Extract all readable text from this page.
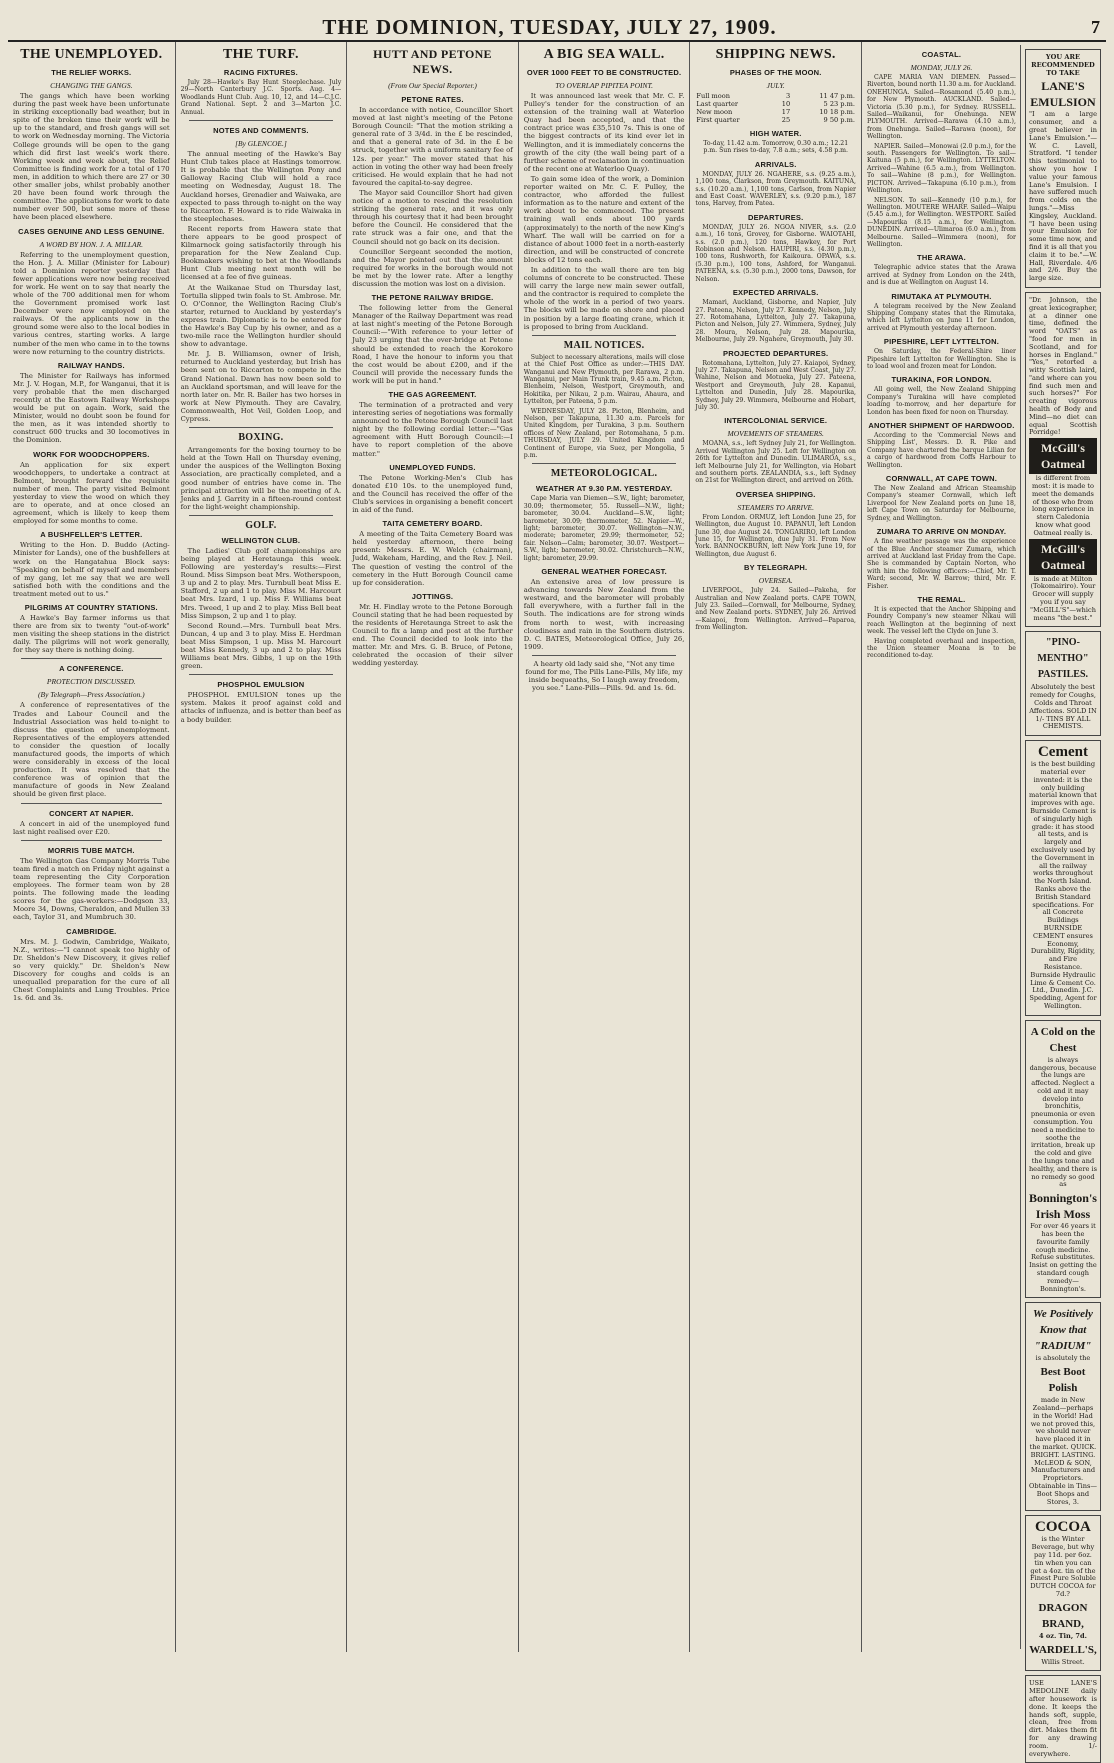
THE DOMINION, TUESDAY, JULY 27, 1909.	7
THE UNEMPLOYED.
THE RELIEF WORKS.
CHANGING THE GANGS.

The gangs which have been working during the past week have been unfortunate in striking exceptionally bad weather, but in spite of the broken time their work will be up to the standard, and fresh gangs will set to work on Wednesday morning. The Victoria College grounds will be open to the gang which did first last week's work there. Working week and week about, the Relief Committee is finding work for a total of 170 men, in addition to which there are 27 or 30 other smaller jobs, whilst probably another 20 have been found work through the committee. The applications for work to date number over 500, but some more of these have been placed elsewhere.

CASES GENUINE AND LESS GENUINE.
A WORD BY HON. J. A. MILLAR.

Referring to the unemployment question, the Hon. J. A. Millar (Minister for Labour) told a Dominion reporter yesterday that fewer applications were now being received for work. He went on to say that nearly the whole of the 700 additional men for whom the Government promised work last December were now employed on the railways. Of the applicants now in the ground some were also to the local bodies in various centres, starting works. A large number of the men who came in to the towns were now returning to the country districts.

RAILWAY HANDS.

The Minister for Railways has informed Mr. J. V. Hogan, M.P., for Wanganui, that it is very probable that the men discharged recently at the Eastown Railway Workshops would be put on again. Work, said the Minister, would no doubt soon be found for the men, as it was intended shortly to construct 600 trucks and 30 locomotives in the Dominion.

WORK FOR WOODCHOPPERS.

An application for six expert woodchoppers, to undertake a contract at Belmont, brought forward the requisite number of men. The party visited Belmont yesterday to view the wood on which they are to operate, and at once closed an agreement, which is likely to keep them employed for some months to come.

A BUSHFELLER'S LETTER.

Writing to the Hon. D. Buddo (Acting-Minister for Lands), one of the bushfellers at work on the Hangatahua Block says: "Speaking on behalf of myself and members of my gang, let me say that we are well satisfied both with the conditions and the treatment meted out to us."

PILGRIMS AT COUNTRY STATIONS.

A Hawke's Bay farmer informs us that there are from six to twenty "out-of-work" men visiting the sheep stations in the district daily. The pilgrims will not work generally, for they say there is nothing doing.

A CONFERENCE.
PROTECTION DISCUSSED.
(By Telegraph—Press Association.)

A conference of representatives of the Trades and Labour Council and the Industrial Association was held to-night to discuss the question of unemployment. Representatives of the employers attended to consider the question of locally manufactured goods, the imports of which were considerably in excess of the local production. It was resolved that the conference was of opinion that the manufacture of goods in New Zealand should be given first place.

CONCERT AT NAPIER.

A concert in aid of the unemployed fund last night realised over £20.

MORRIS TUBE MATCH.

The Wellington Gas Company Morris Tube team fired a match on Friday night against a team representing the City Corporation employees. The former team won by 28 points. The following made the leading scores for the gas-workers:—Dodgson 33, Moore 34, Downs, Cheraldon, and Mullen 33 each, Taylor 31, and Mumbruch 30.

CAMBRIDGE.

Mrs. M. J. Godwin, Cambridge, Waikato, N.Z., writes:—"I cannot speak too highly of Dr. Sheldon's New Discovery, it gives relief so very quickly." Dr. Sheldon's New Discovery for coughs and colds is an unequalled preparation for the cure of all Chest Complaints and Lung Troubles. Price 1s. 6d. and 3s.

THE TURF.
RACING FIXTURES.

July 28—Hawke's Bay Hunt Steeplechase. July 29—North Canterbury J.C. Sports. Aug. 4—Woodlands Hunt Club. Aug. 10, 12, and 14—C.J.C. Grand National. Sept. 2 and 3—Marton J.C. Annual.

NOTES AND COMMENTS.
[By GLENCOE.]

The annual meeting of the Hawke's Bay Hunt Club takes place at Hastings tomorrow. It is probable that the Wellington Pony and Galloway Racing Club will hold a race meeting on Wednesday, August 18. The Auckland horses, Grenadier and Waiwaka, are expected to pass through to-night on the way to Riccarton. F. Howard is to ride Waiwaka in the steeplechases.

Recent reports from Hawera state that there appears to be good prospect of Kilmarnock going satisfactorily through his preparation for the New Zealand Cup. Bookmakers wishing to bet at the Woodlands Hunt Club meeting next month will be licensed at a fee of five guineas.

At the Waikanae Stud on Thursday last, Tortulla slipped twin foals to St. Ambrose. Mr. O. O'Connor, the Wellington Racing Club's starter, returned to Auckland by yesterday's express train. Diplomatic is to be entered for the Hawke's Bay Cup by his owner, and as a two-mile race the Wellington hurdler should show to advantage.

Mr. J. B. Williamson, owner of Irish, returned to Auckland yesterday, but Irish has been sent on to Riccarton to compete in the Grand National. Dawn has now been sold to an Auckland sportsman, and will leave for the north later on. Mr. R. Bailer has two horses in work at New Plymouth. They are Cavalry, Commonwealth, Hot Veil, Golden Loop, and Cypress.

BOXING.

Arrangements for the boxing tourney to be held at the Town Hall on Thursday evening, under the auspices of the Wellington Boxing Association, are practically completed, and a good number of entries have come in. The principal attraction will be the meeting of A. Jenks and J. Garrity in a fifteen-round contest for the light-weight championship.

GOLF.
WELLINGTON CLUB.

The Ladies' Club golf championships are being played at Heretaunga this week. Following are yesterday's results:—First Round. Miss Simpson beat Mrs. Wotherspoon, 3 up and 2 to play. Mrs. Turnbull beat Miss E. Stafford, 2 up and 1 to play. Miss M. Harcourt beat Mrs. Izard, 1 up. Miss F. Williams beat Mrs. Tweed, 1 up and 2 to play. Miss Bell beat Miss Simpson, 2 up and 1 to play.

Second Round.—Mrs. Turnbull beat Mrs. Duncan, 4 up and 3 to play. Miss E. Herdman beat Miss Simpson, 1 up. Miss M. Harcourt beat Miss Kennedy, 3 up and 2 to play. Miss Williams beat Mrs. Gibbs, 1 up on the 19th green.

PHOSPHOL EMULSION

PHOSPHOL EMULSION tones up the system. Makes it proof against cold and attacks of influenza, and is better than beef as a body builder.

HUTT AND PETONE NEWS.
(From Our Special Reporter.)
PETONE RATES.

In accordance with notice, Councillor Short moved at last night's meeting of the Petone Borough Council: "That the motion striking a general rate of 3 3/4d. in the £ be rescinded, and that a general rate of 3d. in the £ be struck, together with a uniform sanitary fee of 12s. per year." The mover stated that his action in voting the other way had been freely criticised. He would explain that he had not favoured the capital-to-say degree.

The Mayor said Councillor Short had given notice of a motion to rescind the resolution striking the general rate, and it was only through his courtesy that it had been brought before the Council. He considered that the rate struck was a fair one, and that the Council should not go back on its decision.

Councillor Sergeant seconded the motion, and the Mayor pointed out that the amount required for works in the borough would not be met by the lower rate. After a lengthy discussion the motion was lost on a division.

THE PETONE RAILWAY BRIDGE.

The following letter from the General Manager of the Railway Department was read at last night's meeting of the Petone Borough Council:—"With reference to your letter of July 23 urging that the over-bridge at Petone should be extended to reach the Korokoro Road, I have the honour to inform you that the cost would be about £200, and if the Council will provide the necessary funds the work will be put in hand."

THE GAS AGREEMENT.

The termination of a protracted and very interesting series of negotiations was formally announced to the Petone Borough Council last night by the following cordial letter:—"Gas agreement with Hutt Borough Council:—I have to report completion of the above matter."

UNEMPLOYED FUNDS.

The Petone Working-Men's Club has donated £10 10s. to the unemployed fund, and the Council has received the offer of the Club's services in organising a benefit concert in aid of the fund.

TAITA CEMETERY BOARD.

A meeting of the Taita Cemetery Board was held yesterday afternoon, there being present: Messrs. E. W. Welch (chairman), Judd, Wakeham, Harding, and the Rev. J. Neil. The question of vesting the control of the cemetery in the Hutt Borough Council came up for consideration.

JOTTINGS.

Mr. H. Findlay wrote to the Petone Borough Council stating that he had been requested by the residents of Heretaunga Street to ask the Council to fix a lamp and post at the further end. The Council decided to look into the matter. Mr. and Mrs. G. B. Bruce, of Petone, celebrated the occasion of their silver wedding yesterday.

A BIG SEA WALL.
OVER 1000 FEET TO BE CONSTRUCTED.
TO OVERLAP PIPITEA POINT.

It was announced last week that Mr. C. F. Pulley's tender for the construction of an extension of the training wall at Waterloo Quay had been accepted, and that the contract price was £35,510 7s. This is one of the biggest contracts of its kind ever let in Wellington, and it is immediately concerns the growth of the city (the wall being part of a further scheme of reclamation in continuation of the recent one at Waterloo Quay).

To gain some idea of the work, a Dominion reporter waited on Mr. C. F. Pulley, the contractor, who afforded the fullest information as to the nature and extent of the work about to be commenced. The present training wall ends about 100 yards (approximately) to the north of the new King's Wharf. The wall will be carried on for a distance of about 1000 feet in a north-easterly direction, and will be constructed of concrete blocks of 12 tons each.

In addition to the wall there are ten big columns of concrete to be constructed. These will carry the large new main sewer outfall, and the contractor is required to complete the whole of the work in a period of two years. The blocks will be made on shore and placed in position by a large floating crane, which it is proposed to bring from Auckland.

MAIL NOTICES.

Subject to necessary alterations, mails will close at the Chief Post Office as under:—THIS DAY. Wanganui and New Plymouth, per Rarawa, 2 p.m. Wanganui, per Main Trunk train, 9.45 a.m. Picton, Blenheim, Nelson, Westport, Greymouth, and Hokitika, per Nikau, 2 p.m. Wairau, Ahaura, and Lyttelton, per Pateena, 5 p.m.

WEDNESDAY, JULY 28. Picton, Blenheim, and Nelson, per Takapuna, 11.30 a.m. Parcels for United Kingdom, per Turakina, 3 p.m. Southern offices of New Zealand, per Rotomahana, 5 p.m. THURSDAY, JULY 29. United Kingdom and Continent of Europe, via Suez, per Mongolia, 5 p.m.

METEOROLOGICAL.
WEATHER AT 9.30 P.M. YESTERDAY.

Cape Maria van Diemen—S.W., light; barometer, 30.09; thermometer, 55. Russell—N.W., light; barometer, 30.04. Auckland—S.W., light; barometer, 30.09; thermometer, 52. Napier—W., light; barometer, 30.07. Wellington—N.W., moderate; barometer, 29.99; thermometer, 52; fair. Nelson—Calm; barometer, 30.07. Westport—S.W., light; barometer, 30.02. Christchurch—N.W., light; barometer, 29.99.

GENERAL WEATHER FORECAST.

An extensive area of low pressure is advancing towards New Zealand from the westward, and the barometer will probably fall everywhere, with a further fall in the South. The indications are for strong winds from north to west, with increasing cloudiness and rain in the Southern districts. D. C. BATES, Meteorological Office, July 26, 1909.

A hearty old lady said she, "Not any time found for me, The Pills Lane-Pills, My life, my inside bequeaths, So I laugh away freedom, you see." Lane-Pills—Pills. 9d. and 1s. 6d.

SHIPPING NEWS.
PHASES OF THE MOON.
JULY.
Full moon	3	11 47 p.m.
Last quarter	10	5 23 p.m.
New moon	17	10 18 p.m.
First quarter	25	9 50 p.m.
HIGH WATER.

To-day, 11.42 a.m. Tomorrow, 0.30 a.m.; 12.21 p.m. Sun rises to-day, 7.8 a.m.; sets, 4.58 p.m.

ARRIVALS.

MONDAY, JULY 26. NGAHERE, s.s. (9.25 a.m.), 1,100 tons, Clarkson, from Greymouth. KAITUNA, s.s. (10.20 a.m.), 1,100 tons, Carlson, from Napier and East Coast. WAVERLEY, s.s. (9.20 p.m.), 187 tons, Harvey, from Patea.

DEPARTURES.

MONDAY, JULY 26. NGOA NIVER, s.s. (2.0 a.m.), 16 tons, Grovey, for Gisborne. WAIOTAHI, s.s. (2.0 p.m.), 120 tons, Hawkey, for Port Robinson and Nelson. HAUPIRI, s.s. (4.30 p.m.), 100 tons, Rushworth, for Kaikoura. OPAWA, s.s. (5.30 p.m.), 100 tons, Ashford, for Wanganui. PATEENA, s.s. (5.30 p.m.), 2000 tons, Dawson, for Nelson.

EXPECTED ARRIVALS.

Mamari, Auckland, Gisborne, and Napier, July 27. Pateena, Nelson, July 27. Kennedy, Nelson, July 27. Rotomahana, Lyttelton, July 27. Takapuna, Picton and Nelson, July 27. Wimmera, Sydney, July 28. Moura, Nelson, July 28. Mapourika, Melbourne, July 29. Ngahere, Greymouth, July 30.

PROJECTED DEPARTURES.

Rotomahana, Lyttelton, July 27. Kaiapoi, Sydney, July 27. Takapuna, Nelson and West Coast, July 27. Wahine, Nelson and Motueka, July 27. Pateena, Westport and Greymouth, July 28. Kapanui, Lyttelton and Dunedin, July 28. Mapourika, Sydney, July 29. Wimmera, Melbourne and Hobart, July 30.

INTERCOLONIAL SERVICE.
MOVEMENTS OF STEAMERS.

MOANA, s.s., left Sydney July 21, for Wellington. Arrived Wellington July 25. Left for Wellington on 26th for Lyttelton and Dunedin. ULIMAROA, s.s., left Melbourne July 21, for Wellington, via Hobart and southern ports. ZEALANDIA, s.s., left Sydney on 21st for Wellington direct, and arrived on 26th.

OVERSEA SHIPPING.
STEAMERS TO ARRIVE.

From London. ORMUZ, left London June 25, for Wellington, due August 10. PAPANUI, left London June 30, due August 24. TONGARIRO, left London June 15, for Wellington, due July 31. From New York. BANNOCKBURN, left New York June 19, for Wellington, due August 6.

BY TELEGRAPH.
OVERSEA.

LIVERPOOL, July 24. Sailed—Pakeha, for Australian and New Zealand ports. CAPE TOWN, July 23. Sailed—Cornwall, for Melbourne, Sydney, and New Zealand ports. SYDNEY, July 26. Arrived—Kaiapoi, from Wellington. Arrived—Paparoa, from Wellington.

COASTAL.
MONDAY, JULY 26.

CAPE MARIA VAN DIEMEN. Passed—Riverton, bound north 11.30 a.m. for Auckland. ONEHUNGA. Sailed—Rosamond (5.40 p.m.), for New Plymouth. AUCKLAND. Sailed—Victoria (5.30 p.m.), for Sydney. RUSSELL. Sailed—Waikanui, for Onehunga. NEW PLYMOUTH. Arrived—Rarawa (4.10 a.m.), from Onehunga. Sailed—Rarawa (noon), for Wellington.

NAPIER. Sailed—Monowai (2.0 p.m.), for the south. Passengers for Wellington. To sail—Kaituna (5 p.m.), for Wellington. LYTTELTON. Arrived—Wahine (6.5 a.m.), from Wellington. To sail—Wahine (8 p.m.), for Wellington. PICTON. Arrived—Takapuna (6.10 p.m.), from Wellington.

NELSON. To sail—Kennedy (10 p.m.), for Wellington. MOUTERE WHARF. Sailed—Waipu (5.45 a.m.), for Wellington. WESTPORT. Sailed—Mapourika (8.15 a.m.), for Wellington. DUNEDIN. Arrived—Ulimaroa (6.0 a.m.), from Melbourne. Sailed—Wimmera (noon), for Wellington.

THE ARAWA.

Telegraphic advice states that the Arawa arrived at Sydney from London on the 24th, and is due at Wellington on August 14.

RIMUTAKA AT PLYMOUTH.

A telegram received by the New Zealand Shipping Company states that the Rimutaka, which left Lyttelton on June 11 for London, arrived at Plymouth yesterday afternoon.

PIPESHIRE, LEFT LYTTELTON.

On Saturday, the Federal-Shire liner Pipeshire left Lyttelton for Wellington. She is to load wool and frozen meat for London.

TURAKINA, FOR LONDON.

All going well, the New Zealand Shipping Company's Turakina will have completed loading to-morrow, and her departure for London has been fixed for noon on Thursday.

ANOTHER SHIPMENT OF HARDWOOD.

According to the 'Commercial News and Shipping List', Messrs. D. R. Pike and Company have chartered the barque Lilian for a cargo of hardwood from Coffs Harbour to Wellington.

CORNWALL, AT CAPE TOWN.

The New Zealand and African Steamship Company's steamer Cornwall, which left Liverpool for New Zealand ports on June 18, left Cape Town on Saturday for Melbourne, Sydney, and Wellington.

ZUMARA TO ARRIVE ON MONDAY.

A fine weather passage was the experience of the Blue Anchor steamer Zumara, which arrived at Auckland last Friday from the Cape. She is commanded by Captain Norton, who with him the following officers:—Chief, Mr. T. Ward; second, Mr. W. Barrow; third, Mr. F. Fisher.

THE REMAL.

It is expected that the Anchor Shipping and Foundry Company's new steamer Nikau will reach Wellington at the beginning of next week. The vessel left the Clyde on June 3.

Having completed overhaul and inspection, the Union steamer Moana is to be reconditioned to-day.

YOU ARE RECOMMENDED TO TAKE
LANE'S EMULSION
"I am a large consumer, and a great believer in Lane's Emulsion."—W. C. Lavell, Stratford. "I tender this testimonial to show you how I value your famous Lane's Emulsion. I have suffered much from colds on the lungs."—Miss Kingsley, Auckland. "I have been using your Emulsion for some time now, and find it is all that you claim it to be."—W. Hall, Riverdale. 4/6 and 2/6. Buy the large size.
"Dr. Johnson, the great lexicographer, at a dinner one time, defined the word "OATS" as "food for men in Scotland, and for horses in England." "Yes," retorted a witty Scottish laird, "and where can you find such men and such horses?" For creating vigorous health of Body and Mind—no diet can equal Scottish Porridge!
McGill's Oatmeal
is different from most: it is made to meet the demands of those who from long experience in stern Caledonia know what good Oatmeal really is.
McGill's Oatmeal
is made at Milton (Tokomairiro). Your Grocer will supply you if you say "McGILL'S"—which means "the best."
"PINO-MENTHO" PASTILES.
Absolutely the best remedy for Coughs, Colds and Throat Affections. SOLD IN 1/- TINS BY ALL CHEMISTS.
Cement
is the best building material ever invented: it is the only building material known that improves with age. Burnside Cement is of singularly high grade: it has stood all tests, and is largely and exclusively used by the Government in all the railway works throughout the North Island. Ranks above the British Standard specifications. For all Concrete Buildings BURNSIDE CEMENT ensures Economy, Durability, Rigidity, and Fire Resistance. Burnside Hydraulic Lime & Cement Co. Ltd., Dunedin. J.C. Spedding, Agent for Wellington.
A Cold on the Chest
is always dangerous, because the lungs are affected. Neglect a cold and it may develop into bronchitis, pneumonia or even consumption. You need a medicine to soothe the irritation, break up the cold and give the lungs tone and healthy, and there is no remedy so good as
Bonnington's Irish Moss
For over 46 years it has been the favourite family cough medicine. Refuse substitutes. Insist on getting the standard cough remedy—Bonnington's.
We Positively Know that "RADIUM"
is absolutely the
Best Boot Polish
made in New Zealand—perhaps in the World! Had we not proved this, we should never have placed it in the market. QUICK. BRIGHT. LASTING. McLEOD & SON, Manufacturers and Proprietors. Obtainable in Tins—Boot Shops and Stores, 3.
COCOA
is the Winter Beverage, but why pay 11d. per 6oz. tin when you can get a 4oz. tin of the Finest Pure Soluble DUTCH COCOA for 7d.?
DRAGON BRAND,
4 oz. Tin, 7d.
WARDELL'S,
Willis Street.
USE LANE'S MEDOLINE daily after housework is done. It keeps the hands soft, supple, clean, free from dirt. Makes them fit for any drawing room. 1/- everywhere.
